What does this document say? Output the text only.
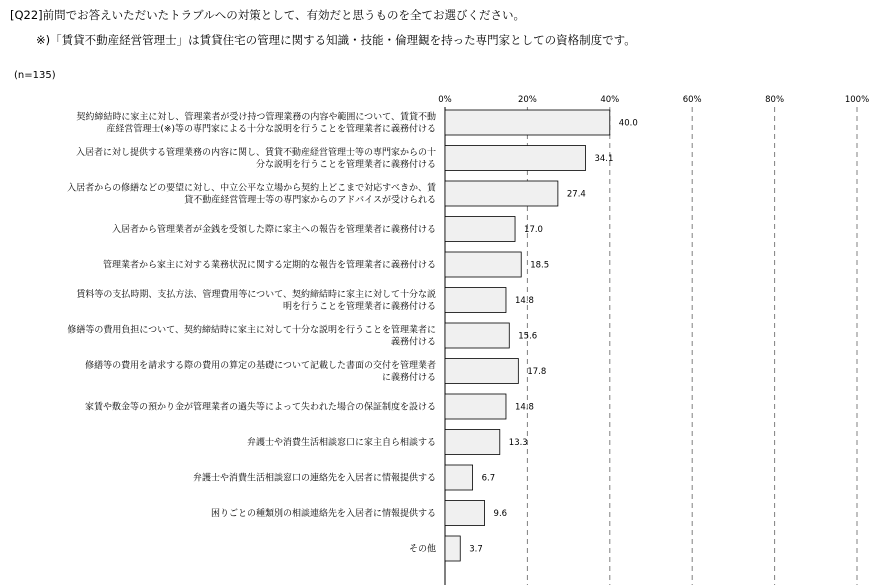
[Q22]前問でお答えいただいたトラブルへの対策として、有効だと思うものを全てお選びください。
※)「賃貸不動産経営管理士」は賃貸住宅の管理に関する知識・技能・倫理観を持った専門家としての資格制度です。
(n=135)
0%	20%	40%	60%	80%	100%
40.0
契約締結時に家主に対し、管理業者が受け持つ管理業務の内容や範囲について、賃貸不動
産経営管理士(※)等の専門家による十分な説明を行うことを管理業者に義務付ける
34.1
入居者に対し提供する管理業務の内容に関し、賃貸不動産経営管理士等の専門家からの十
分な説明を行うことを管理業者に義務付ける
27.4
入居者からの修繕などの要望に対し、中立公平な立場から契約上どこまで対応すべきか、賃
貸不動産経営管理士等の専門家からのアドバイスが受けられる
17.0
入居者から管理業者が金銭を受領した際に家主への報告を管理業者に義務付ける
18.5
管理業者から家主に対する業務状況に関する定期的な報告を管理業者に義務付ける
14.8
賃料等の支払時期、支払方法、管理費用等について、契約締結時に家主に対して十分な説
明を行うことを管理業者に義務付ける
15.6
修繕等の費用負担について、契約締結時に家主に対して十分な説明を行うことを管理業者に
義務付ける
17.8
修繕等の費用を請求する際の費用の算定の基礎について記載した書面の交付を管理業者
に義務付ける
14.8
家賃や敷金等の預かり金が管理業者の過失等によって失われた場合の保証制度を設ける
13.3
弁護士や消費生活相談窓口に家主自ら相談する
6.7
弁護士や消費生活相談窓口の連絡先を入居者に情報提供する
9.6
困りごとの種類別の相談連絡先を入居者に情報提供する
3.7
その他
